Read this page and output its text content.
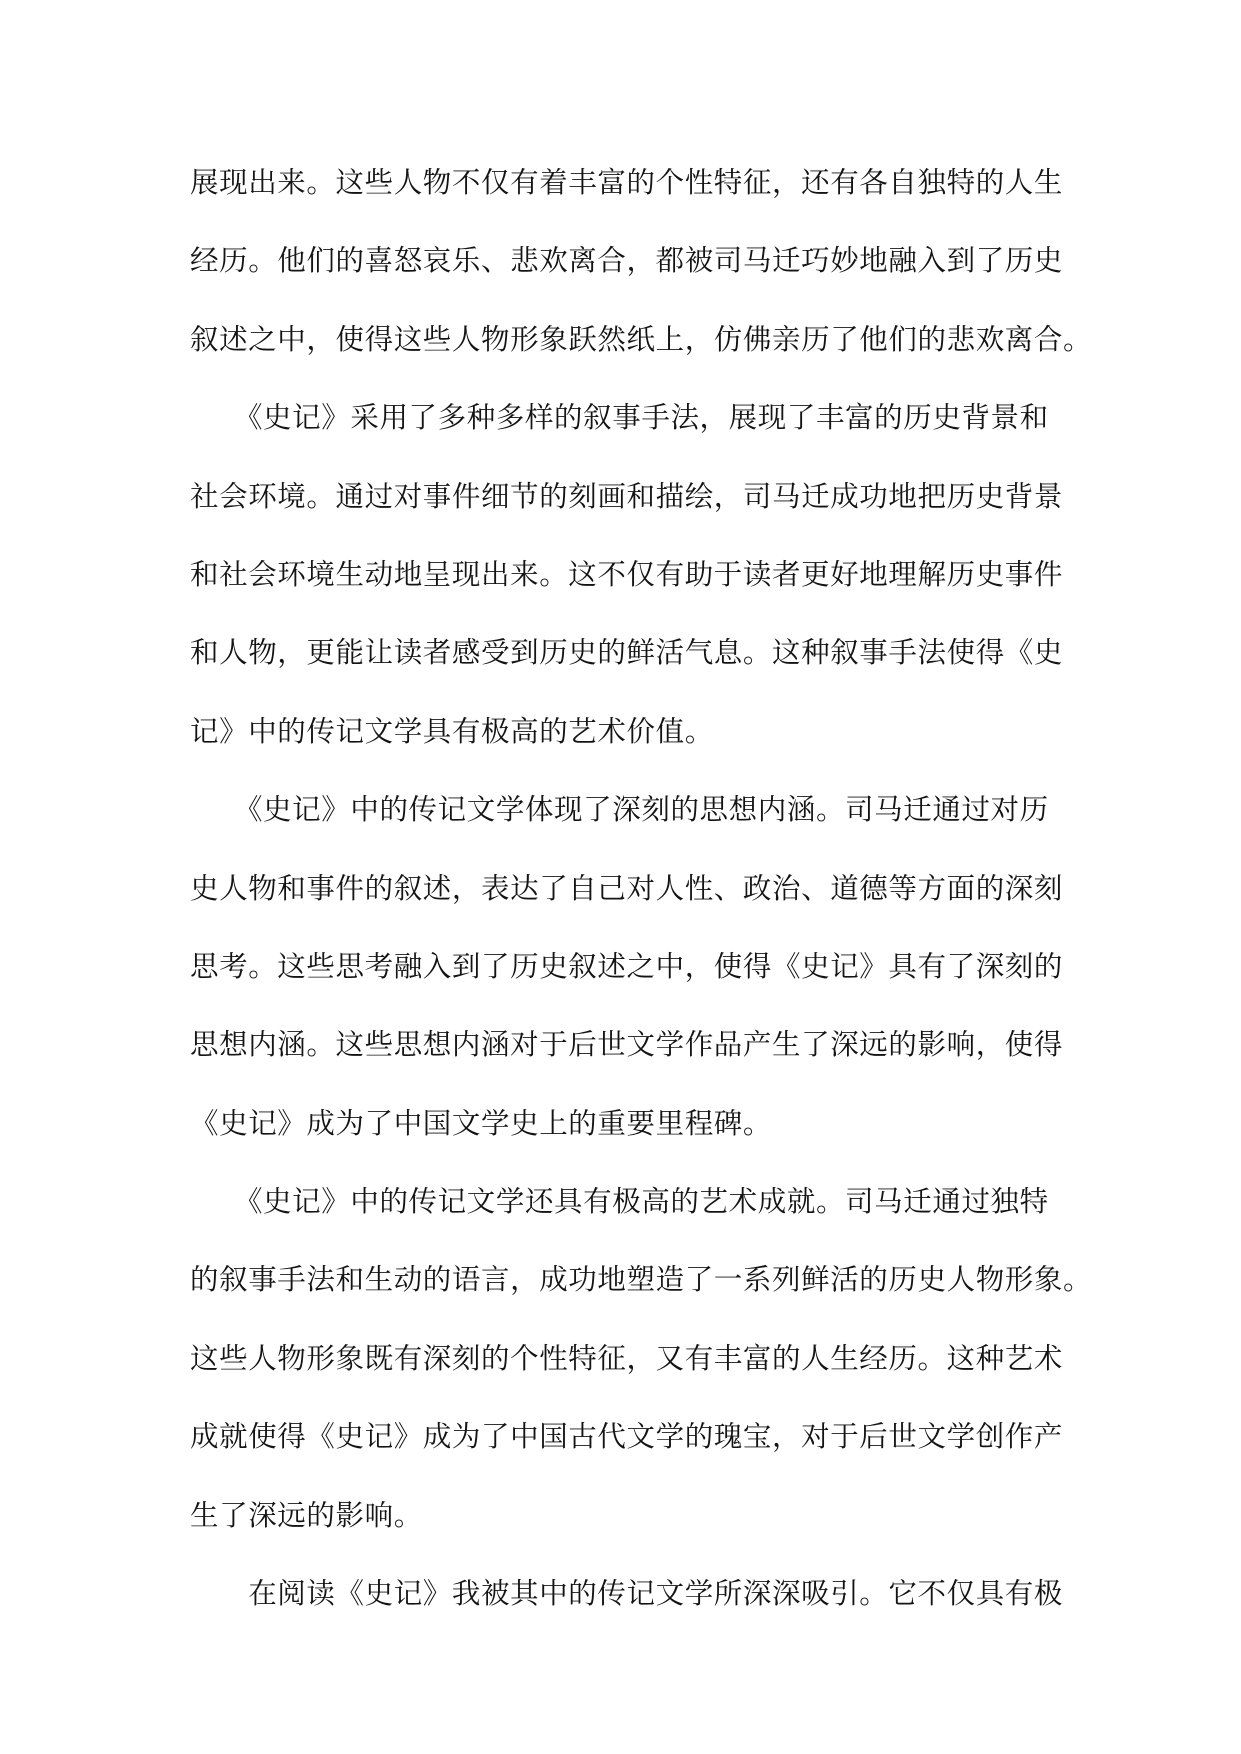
展现出来。这些人物不仅有着丰富的个性特征，还有各自独特的人生
经历。他们的喜怒哀乐、悲欢离合，都被司马迁巧妙地融入到了历史
叙述之中，使得这些人物形象跃然纸上，仿佛亲历了他们的悲欢离合。
　　《史记》采用了多种多样的叙事手法，展现了丰富的历史背景和
社会环境。通过对事件细节的刻画和描绘，司马迁成功地把历史背景
和社会环境生动地呈现出来。这不仅有助于读者更好地理解历史事件
和人物，更能让读者感受到历史的鲜活气息。这种叙事手法使得《史
记》中的传记文学具有极高的艺术价值。
　　《史记》中的传记文学体现了深刻的思想内涵。司马迁通过对历
史人物和事件的叙述，表达了自己对人性、政治、道德等方面的深刻
思考。这些思考融入到了历史叙述之中，使得《史记》具有了深刻的
思想内涵。这些思想内涵对于后世文学作品产生了深远的影响，使得
《史记》成为了中国文学史上的重要里程碑。
　　《史记》中的传记文学还具有极高的艺术成就。司马迁通过独特
的叙事手法和生动的语言，成功地塑造了一系列鲜活的历史人物形象。
这些人物形象既有深刻的个性特征，又有丰富的人生经历。这种艺术
成就使得《史记》成为了中国古代文学的瑰宝，对于后世文学创作产
生了深远的影响。
　　在阅读《史记》我被其中的传记文学所深深吸引。它不仅具有极
